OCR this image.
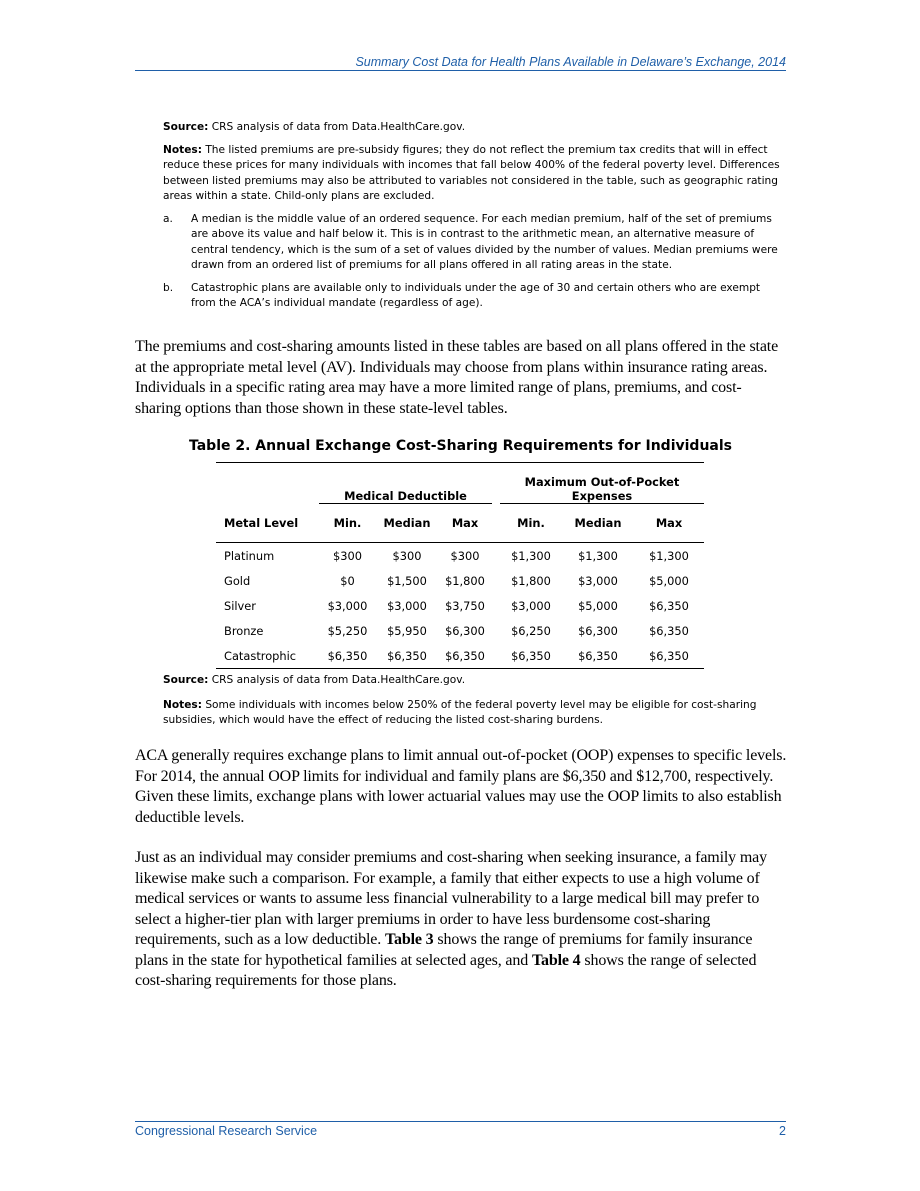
Summary Cost Data for Health Plans Available in Delaware’s Exchange, 2014

Source: CRS analysis of data from Data.HealthCare.gov.

Notes: The listed premiums are pre-subsidy figures; they do not reflect the premium tax credits that will in effect reduce these prices for many individuals with incomes that fall below 400% of the federal poverty level. Differences between listed premiums may also be attributed to variables not considered in the table, such as geographic rating areas within a state. Child-only plans are excluded.

a. A median is the middle value of an ordered sequence. For each median premium, half of the set of premiums are above its value and half below it. This is in contrast to the arithmetic mean, an alternative measure of central tendency, which is the sum of a set of values divided by the number of values. Median premiums were drawn from an ordered list of premiums for all plans offered in all rating areas in the state.

b. Catastrophic plans are available only to individuals under the age of 30 and certain others who are exempt from the ACA’s individual mandate (regardless of age).

The premiums and cost-sharing amounts listed in these tables are based on all plans offered in the state at the appropriate metal level (AV). Individuals may choose from plans within insurance rating areas. Individuals in a specific rating area may have a more limited range of plans, premiums, and cost-sharing options than those shown in these state-level tables.

Table 2. Annual Exchange Cost-Sharing Requirements for Individuals
	Medical Deductible				Maximum Out-of-Pocket Expenses		
Metal Level	Min.	Median	Max		Min.	Median	Max
Platinum	$300	$300	$300		$1,300	$1,300	$1,300
Gold	$0	$1,500	$1,800		$1,800	$3,000	$5,000
Silver	$3,000	$3,000	$3,750		$3,000	$5,000	$6,350
Bronze	$5,250	$5,950	$6,300		$6,250	$6,300	$6,350
Catastrophic	$6,350	$6,350	$6,350		$6,350	$6,350	$6,350

Source: CRS analysis of data from Data.HealthCare.gov.

Notes: Some individuals with incomes below 250% of the federal poverty level may be eligible for cost-sharing subsidies, which would have the effect of reducing the listed cost-sharing burdens.

ACA generally requires exchange plans to limit annual out-of-pocket (OOP) expenses to specific levels. For 2014, the annual OOP limits for individual and family plans are $6,350 and $12,700, respectively. Given these limits, exchange plans with lower actuarial values may use the OOP limits to also establish deductible levels.

Just as an individual may consider premiums and cost-sharing when seeking insurance, a family may likewise make such a comparison. For example, a family that either expects to use a high volume of medical services or wants to assume less financial vulnerability to a large medical bill may prefer to select a higher-tier plan with larger premiums in order to have less burdensome cost-sharing requirements, such as a low deductible. Table 3 shows the range of premiums for family insurance plans in the state for hypothetical families at selected ages, and Table 4 shows the range of selected cost-sharing requirements for those plans.

Congressional Research Service	2
